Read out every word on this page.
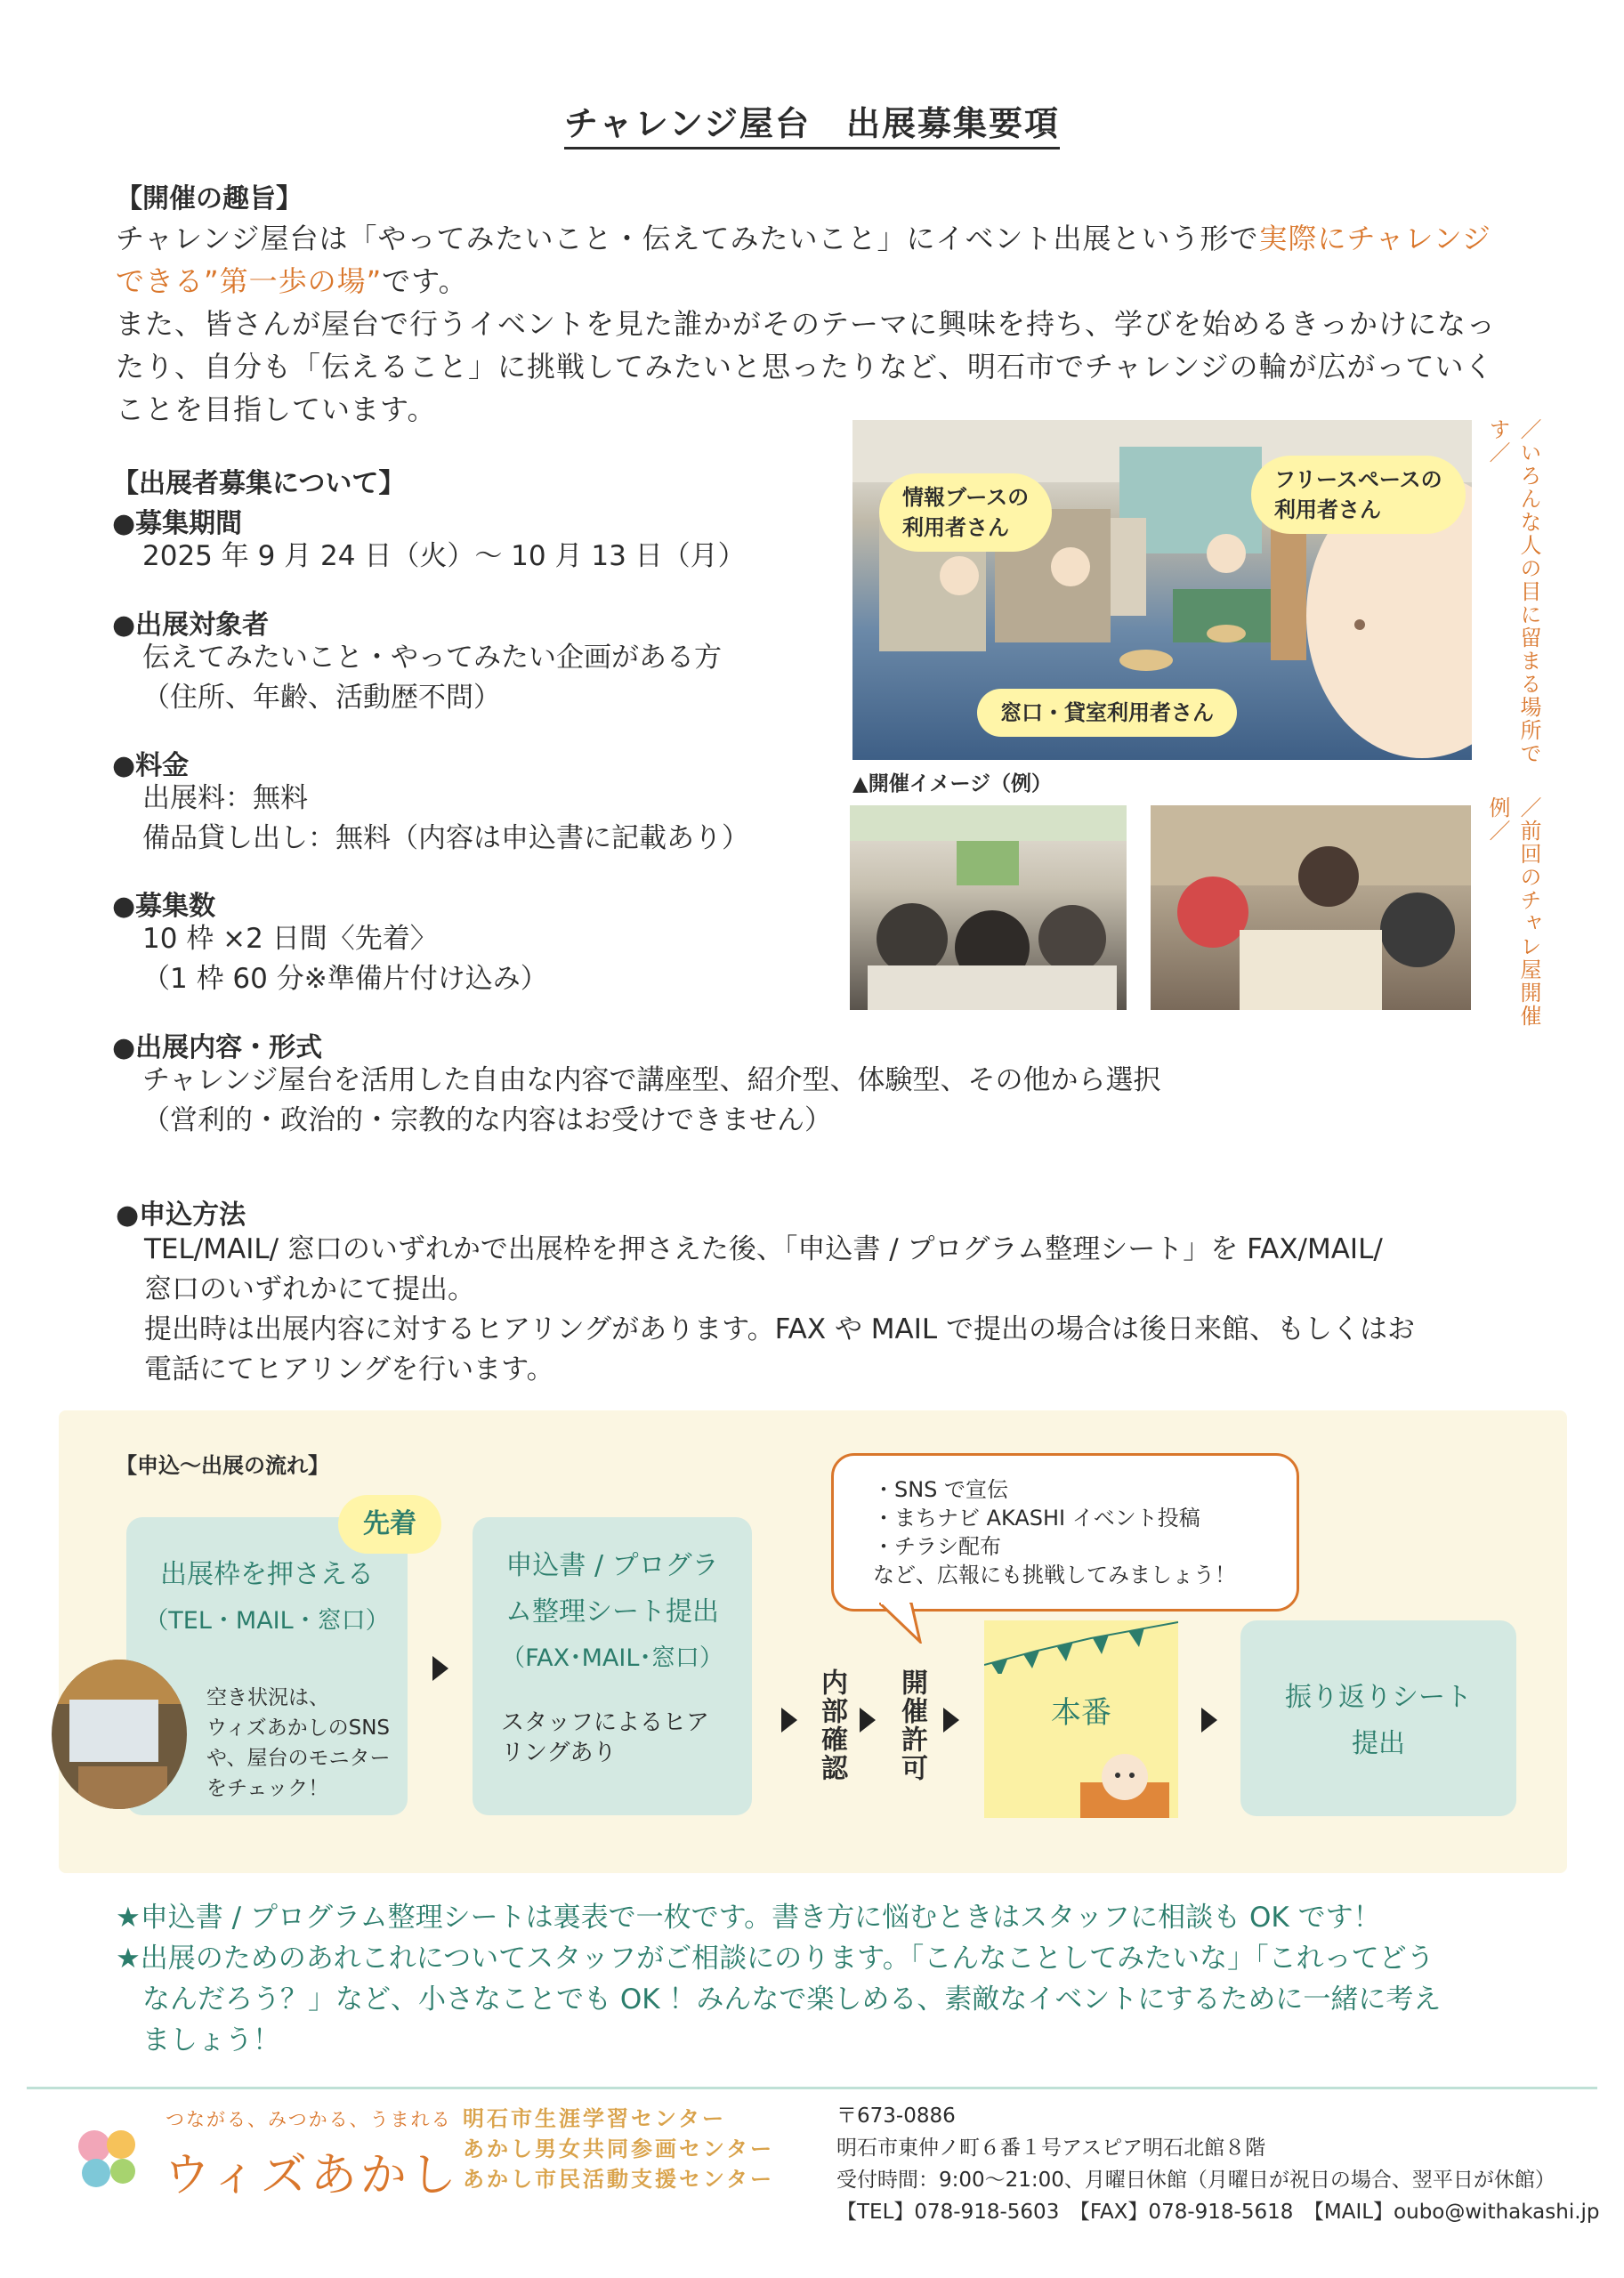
チャレンジ屋台　出展募集要項
【開催の趣旨】
チャレンジ屋台は「やってみたいこと・伝えてみたいこと」にイベント出展という形で実際にチャレンジ
できる”第一歩の場”です。
また、皆さんが屋台で行うイベントを見た誰かがそのテーマに興味を持ち、学びを始めるきっかけになっ
たり、自分も「伝えること」に挑戦してみたいと思ったりなど、明石市でチャレンジの輪が広がっていく
ことを目指しています。
【出展者募集について】
●募集期間
2025 年 9 月 24 日（火）～ 10 月 13 日（月）
●出展対象者
伝えてみたいこと・やってみたい企画がある方
（住所、年齢、活動歴不問）
●料金
出展料：無料
備品貸し出し：無料（内容は申込書に記載あり）
●募集数
10 枠 ×2 日間〈先着〉
（1 枠 60 分※準備片付け込み）
●出展内容・形式
チャレンジ屋台を活用した自由な内容で講座型、紹介型、体験型、その他から選択
（営利的・政治的・宗教的な内容はお受けできません）
●申込方法
TEL/MAIL/ 窓口のいずれかで出展枠を押さえた後、「申込書 / プログラム整理シート」を FAX/MAIL/
窓口のいずれかにて提出。
提出時は出展内容に対するヒアリングがあります。FAX や MAIL で提出の場合は後日来館、もしくはお
電話にてヒアリングを行います。
情報ブースの
利用者さん
フリースペースの
利用者さん
窓口・貸室利用者さん
▲開催イメージ（例）
／いろんな人の目に留まる場所です／
／前回のチャレ屋開催例／
【申込～出展の流れ】
出展枠を押さえる
（TEL・MAIL・窓口）
空き状況は、
ウィズあかしのSNS
や、屋台のモニター
をチェック！
先着
申込書 / プログラ
ム整理シート提出
（FAX･MAIL･窓口）
スタッフによるヒア
リングあり	内部確認 開催許可
・SNS で宣伝
・まちナビ AKASHI イベント投稿
・チラシ配布
など、広報にも挑戦してみましょう！
本番	振り返りシート
提出
★申込書 / プログラム整理シートは裏表で一枚です。書き方に悩むときはスタッフに相談も OK です！
★出展のためのあれこれについてスタッフがご相談にのります。「こんなことしてみたいな」「これってどう
なんだろう？」など、小さなことでも OK ！みんなで楽しめる、素敵なイベントにするために一緒に考え
ましょう！
つながる、みつかる、うまれる
ウィズあかし
明石市生涯学習センター
あかし男女共同参画センター
あかし市民活動支援センター
〒673-0886
明石市東仲ノ町６番１号アスピア明石北館８階
受付時間：9:00～21:00、月曜日休館（月曜日が祝日の場合、翌平日が休館）
【TEL】078-918-5603　【FAX】078-918-5618　【MAIL】oubo@withakashi.jp
